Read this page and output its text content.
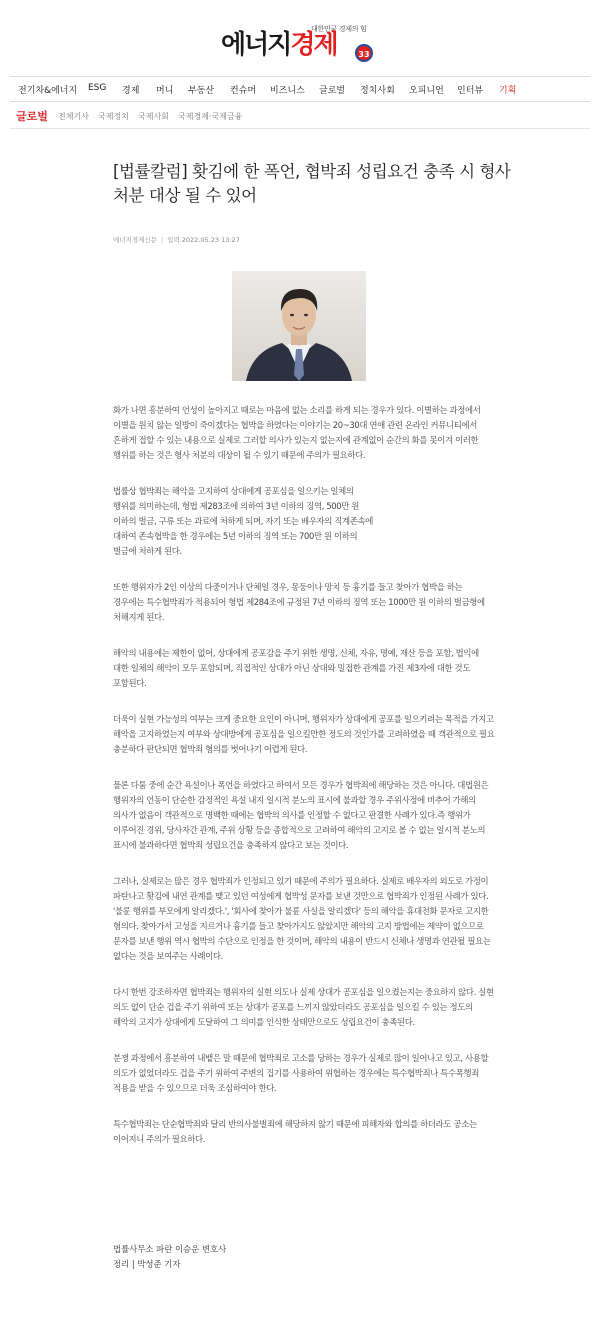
대한민국 경제의 힘
에너지경제	33
전기차&에너지 ESG 경제 머니 부동산 컨슈머 비즈니스 글로벌 정치사회 오피니언 인터뷰 기획
글로벌 전체기사 국제정치 국제사회 국제경제·국제금융
[법률칼럼] 홧김에 한 폭언, 협박죄 성립요건 충족 시 형사 처분 대상 될 수 있어
에너지경제신문 | 입력 2022.05.23 13:27

화가 나면 흥분하여 언성이 높아지고 때로는 마음에 없는 소리를 하게 되는 경우가 있다. 이별하는 과정에서 이별을 원치 않는 일방이 죽이겠다는 협박을 하였다는 이야기는 20~30대 연애 관련 온라인 커뮤니티에서 흔하게 접할 수 있는 내용으로 실제로 그러할 의사가 있는지 없는지에 관계없이 순간의 화를 못이겨 이러한 행위를 하는 것은 형사 처분의 대상이 될 수 있기 때문에 주의가 필요하다.

법률상 협박죄는 해악을 고지하여 상대에게 공포심을 일으키는 일체의 행위를 의미하는데, 형법 제283조에 의하여 3년 이하의 징역, 500만 원 이하의 벌금, 구류 또는 과료에 처하게 되며, 자기 또는 배우자의 직계존속에 대하여 존속협박을 한 경우에는 5년 이하의 징역 또는 700만 원 이하의 벌금에 처하게 된다.

또한 행위자가 2인 이상의 다중이거나 단체일 경우, 몽둥이나 망치 등 흉기를 들고 찾아가 협박을 하는 경우에는 특수협박죄가 적용되어 형법 제284조에 규정된 7년 이하의 징역 또는 1000만 원 이하의 벌금형에 처해지게 된다.

해악의 내용에는 제한이 없어, 상대에게 공포감을 주기 위한 생명, 신체, 자유, 명예, 재산 등을 포함, 법익에 대한 일체의 해악이 모두 포함되며, 직접적인 상대가 아닌 상대와 밀접한 관계를 가진 제3자에 대한 것도 포함된다.

더욱이 실현 가능성의 여부는 크게 중요한 요인이 아니며, 행위자가 상대에게 공포를 일으키려는 목적을 가지고 해악을 고지하였는지 여부와 상대방에게 공포심을 일으킬만한 정도의 것인가를 고려하였을 때 객관적으로 필요 충분하다 판단되면 협박죄 혐의를 벗어나기 어렵게 된다.

물론 다툼 중에 순간 욕설이나 폭언을 하였다고 하여서 모든 경우가 협박죄에 해당하는 것은 아니다. 대법원은 행위자의 언동이 단순한 감정적인 욕설 내지 일시적 분노의 표시에 불과할 경우 주위사정에 비추어 가해의 의사가 없음이 객관적으로 명백한 때에는 협박의 의사를 인정할 수 없다고 판결한 사례가 있다.즉 행위가 이루어진 경위, 당사자간 관계, 주위 상황 등을 종합적으로 고려하여 해악의 고지로 볼 수 없는 일시적 분노의 표시에 불과하다면 협박죄 성립요건을 충족하지 않다고 보는 것이다.

그러나, 실제로는 많은 경우 협박죄가 인정되고 있기 때문에 주의가 필요하다. 실제로 배우자의 외도로 가정이 파탄나고 홧김에 내연 관계를 맺고 있던 여성에게 협박성 문자를 보낸 것만으로 협박죄가 인정된 사례가 있다. '불륜 행위를 부모에게 알리겠다.', '회사에 찾아가 불륜 사실을 알리겠다' 등의 해악을 휴대전화 문자로 고지한 혐의다. 찾아가서 고성을 지르거나 흉기를 들고 찾아가지도 않았지만 해악의 고지 방법에는 제약이 없으므로 문자를 보낸 행위 역시 협박의 수단으로 인정을 한 것이며, 해악의 내용이 반드시 신체나 생명과 연관될 필요는 없다는 것을 보여주는 사례이다.

다시 한번 강조하자면 협박죄는 행위자의 실현 의도나 실제 상대가 공포심을 일으켰는지는 중요하지 않다. 실현 의도 없이 단순 겁을 주기 위하여 또는 상대가 공포를 느끼지 않았더라도 공포심을 일으킬 수 있는 정도의 해악의 고지가 상대에게 도달하여 그 의미를 인식한 상태만으로도 성립요건이 충족된다.

분쟁 과정에서 흥분하여 내뱉은 말 때문에 협박죄로 고소를 당하는 경우가 실제로 많이 일어나고 있고, 사용할 의도가 없었더라도 겁을 주기 위하여 주변의 집기를 사용하여 위협하는 경우에는 특수협박죄나 특수폭행죄 적용을 받을 수 있으므로 더욱 조심하여야 한다.

특수협박죄는 단순협박죄와 달리 반의사불벌죄에 해당하지 않기 때문에 피해자와 합의를 하더라도 공소는 이어지니 주의가 필요하다.

법률사무소 파란 이승운 변호사
정리 | 박성준 기자
